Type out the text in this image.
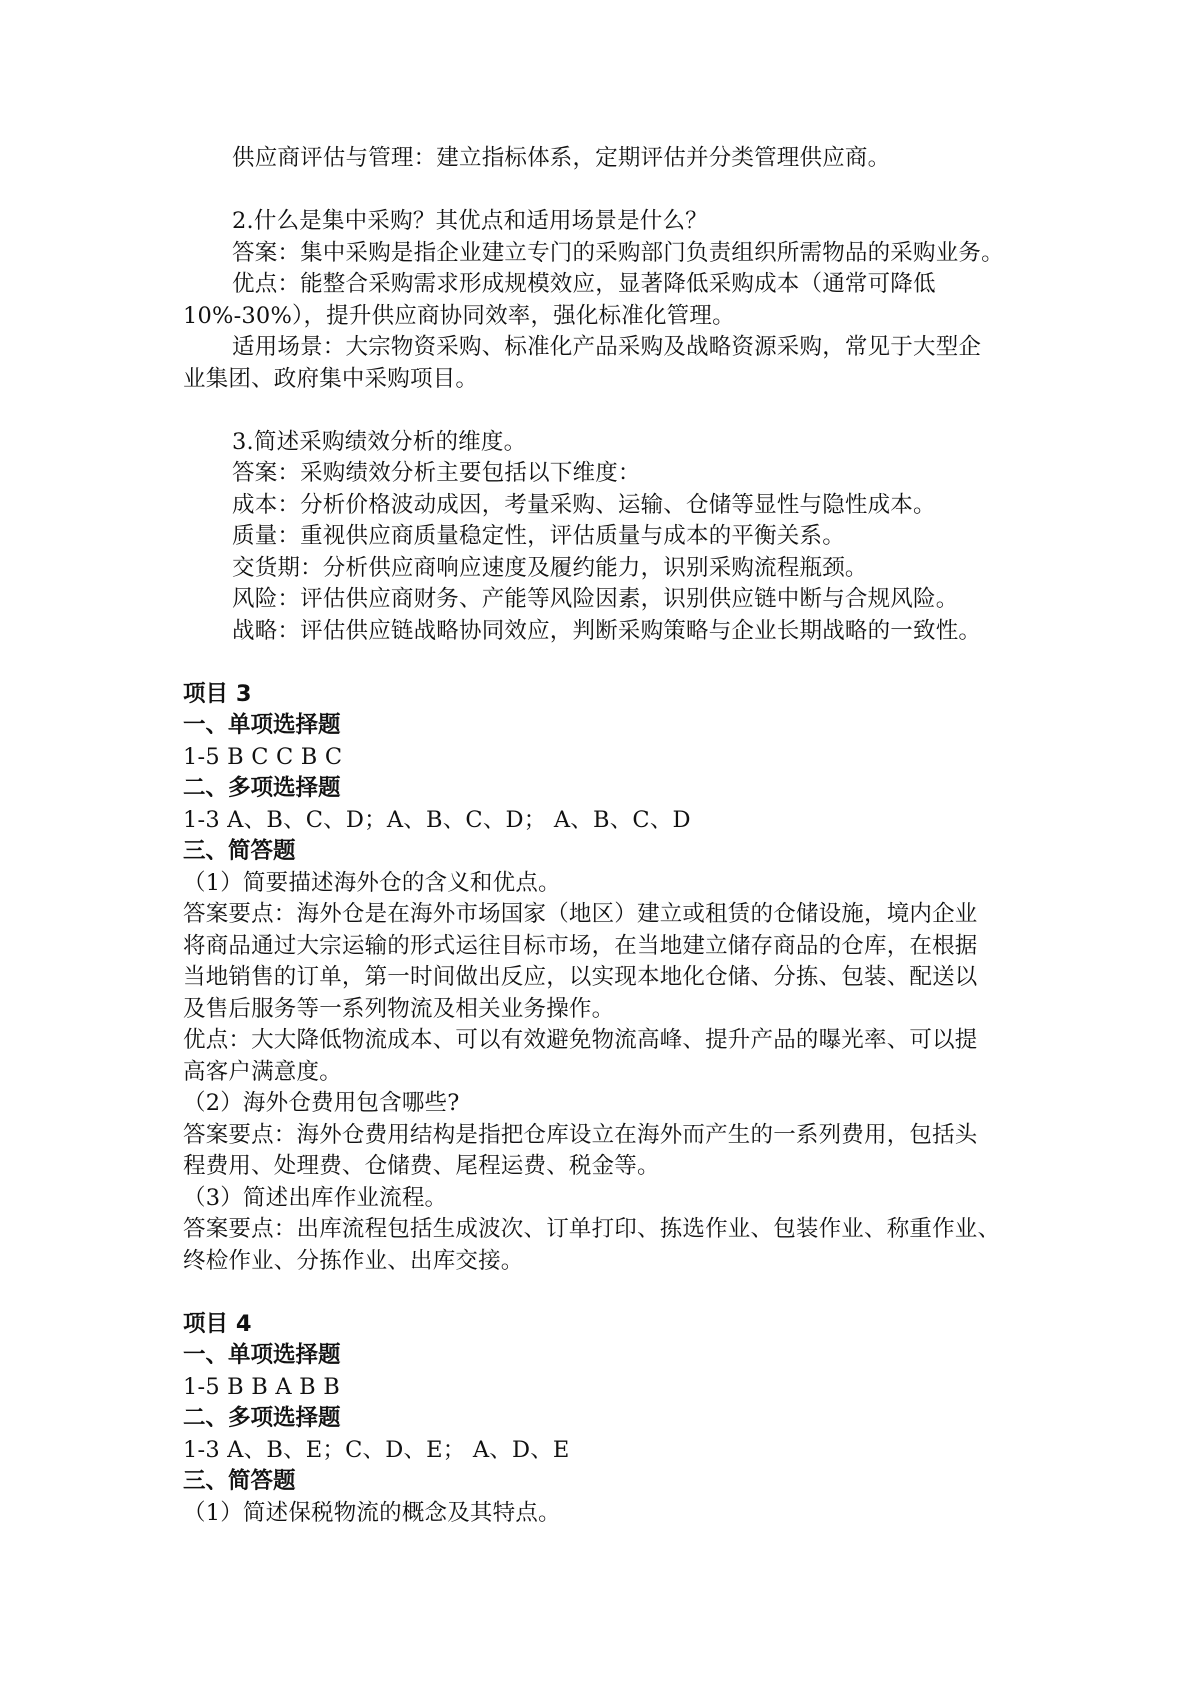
供应商评估与管理：建立指标体系，定期评估并分类管理供应商。
2.什么是集中采购？其优点和适用场景是什么？
答案：集中采购是指企业建立专门的采购部门负责组织所需物品的采购业务。
优点：能整合采购需求形成规模效应，显著降低采购成本（通常可降低
10%-30%），提升供应商协同效率，强化标准化管理。
适用场景：大宗物资采购、标准化产品采购及战略资源采购，常见于大型企
业集团、政府集中采购项目。
3.简述采购绩效分析的维度。
答案：采购绩效分析主要包括以下维度：
成本：分析价格波动成因，考量采购、运输、仓储等显性与隐性成本。
质量：重视供应商质量稳定性，评估质量与成本的平衡关系。
交货期：分析供应商响应速度及履约能力，识别采购流程瓶颈。
风险：评估供应商财务、产能等风险因素，识别供应链中断与合规风险。
战略：评估供应链战略协同效应，判断采购策略与企业长期战略的一致性。
项目 3
一、单项选择题
1-5 B C C B C
二、多项选择题
1-3 A、B、C、D；A、B、C、D； A、B、C、D
三、简答题
（1）简要描述海外仓的含义和优点。
答案要点：海外仓是在海外市场国家（地区）建立或租赁的仓储设施，境内企业
将商品通过大宗运输的形式运往目标市场，在当地建立储存商品的仓库，在根据
当地销售的订单，第一时间做出反应，以实现本地化仓储、分拣、包装、配送以
及售后服务等一系列物流及相关业务操作。
优点：大大降低物流成本、可以有效避免物流高峰、提升产品的曝光率、可以提
高客户满意度。
（2）海外仓费用包含哪些?
答案要点：海外仓费用结构是指把仓库设立在海外而产生的一系列费用，包括头
程费用、处理费、仓储费、尾程运费、税金等。
（3）简述出库作业流程。
答案要点：出库流程包括生成波次、订单打印、拣选作业、包装作业、称重作业、
终检作业、分拣作业、出库交接。
项目 4
一、单项选择题
1-5 B B A B B
二、多项选择题
1-3 A、B、E；C、D、E； A、D、E
三、简答题
（1）简述保税物流的概念及其特点。
